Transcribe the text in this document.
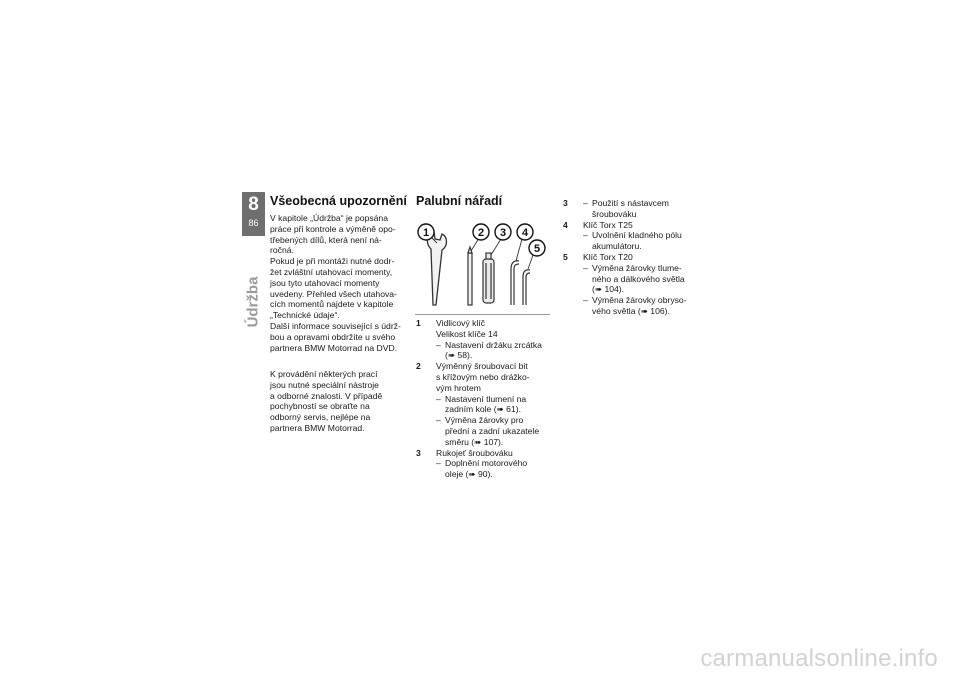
8
86
Údržba
Všeobecná upozornění

V kapitole „Údržba“ je popsána
práce při kontrole a výměně opo-
třebených dílů, která není ná-
ročná.
Pokud je při montáži nutné dodr-
žet zvláštní utahovací momenty,
jsou tyto utahovací momenty
uvedeny. Přehled všech utahova-
cích momentů najdete v kapitole
„Technické údaje“.
Další informace související s údrž-
bou a opravami obdržíte u svého
partnera BMW Motorrad na DVD.

K provádění některých prací
jsou nutné speciální nástroje
a odborné znalosti. V případě
pochybností se obraťte na
odborný servis, nejlépe na
partnera BMW Motorrad.

Palubní nářadí
1	2 3 4
5
1 Vidlicový klíč
Velikost klíče 14
– Nastavení držáku zrcátka
(➠ 58).
2 Výměnný šroubovací bit
s křížovým nebo drážko-
vým hrotem
– Nastavení tlumení na
zadním kole (➠ 61).
– Výměna žárovky pro
přední a zadní ukazatele
směru (➠ 107).
3 Rukojeť šroubováku
– Doplnění motorového
oleje (➠ 90).
3 – Použití s nástavcem
šroubováku
4 Klíč Torx T25
– Uvolnění kladného pólu
akumulátoru.
5 Klíč Torx T20
– Výměna žárovky tlume-
ného a dálkového světla
(➠ 104).
– Výměna žárovky obryso-
vého světla (➠ 106).
carmanualsonline.info
